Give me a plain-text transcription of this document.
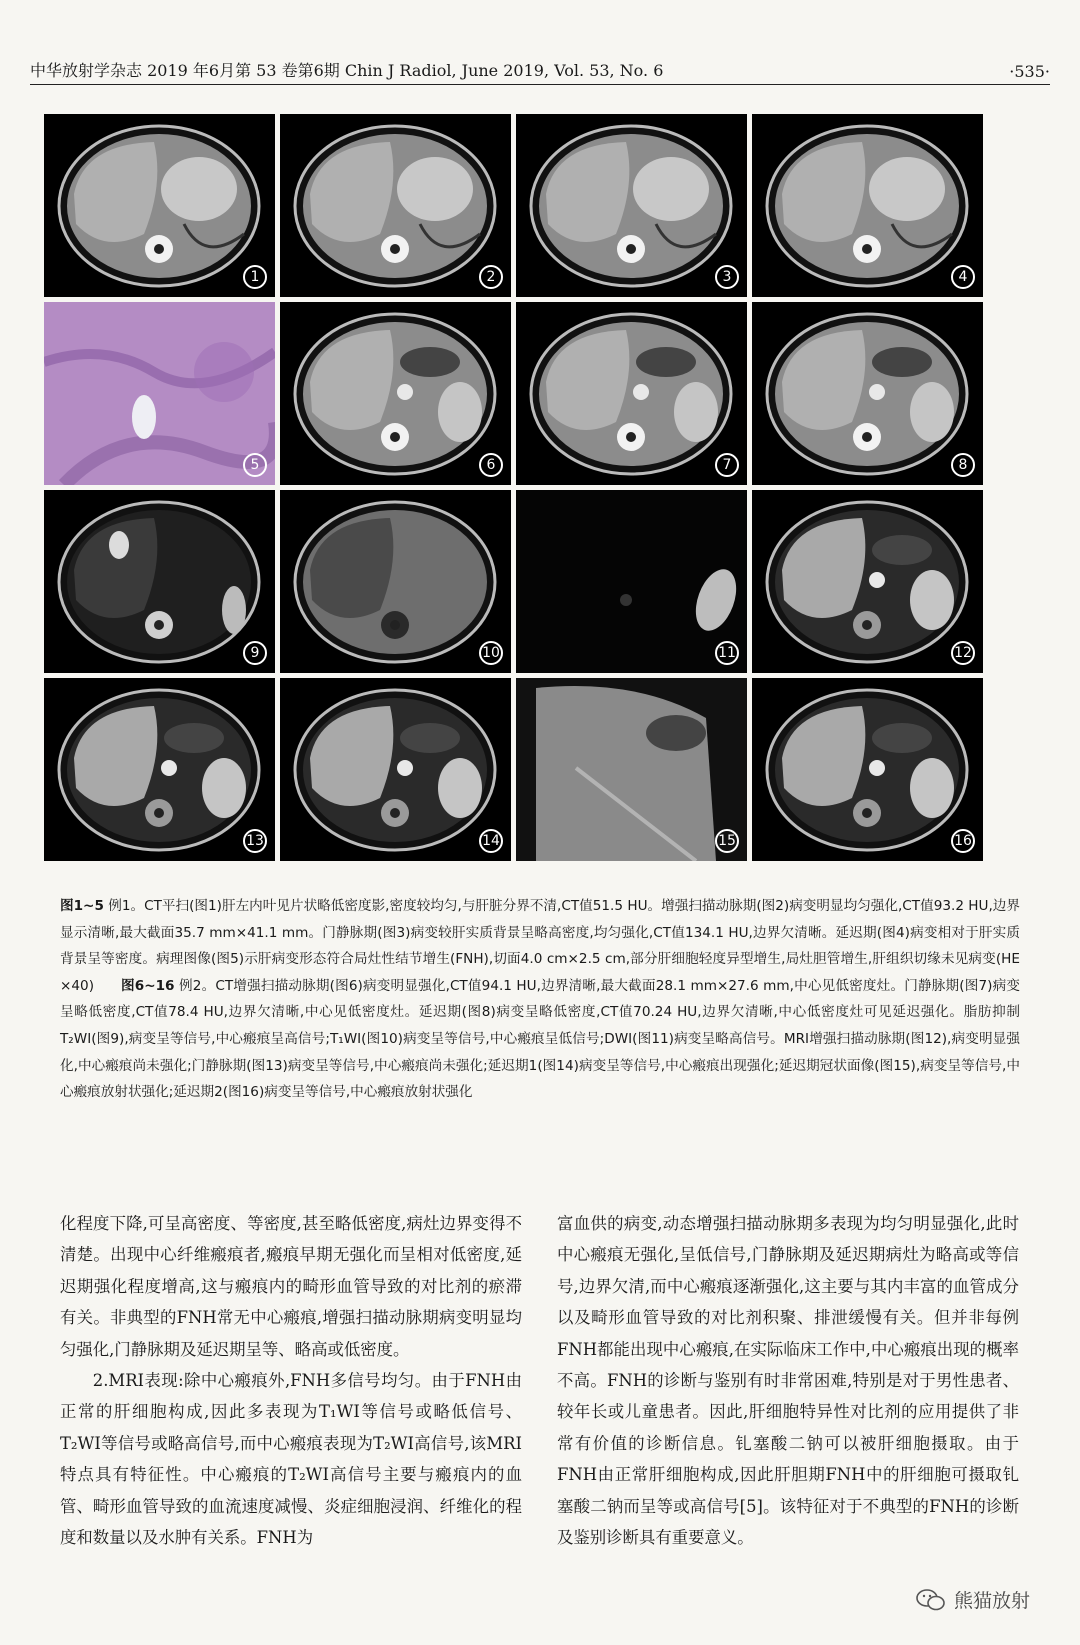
中华放射学杂志 2019 年6月第 53 卷第6期 Chin J Radiol, June 2019, Vol. 53, No. 6	·535·
1	2	3	4
5	6	7	8
9	10	11	12
13	14	15	16
图1~5 例1。CT平扫(图1)肝左内叶见片状略低密度影,密度较均匀,与肝脏分界不清,CT值51.5 HU。增强扫描动脉期(图2)病变明显均匀强化,CT值93.2 HU,边界显示清晰,最大截面35.7 mm×41.1 mm。门静脉期(图3)病变较肝实质背景呈略高密度,均匀强化,CT值134.1 HU,边界欠清晰。延迟期(图4)病变相对于肝实质背景呈等密度。病理图像(图5)示肝病变形态符合局灶性结节增生(FNH),切面4.0 cm×2.5 cm,部分肝细胞轻度异型增生,局灶胆管增生,肝组织切缘未见病变(HE ×40) 图6~16 例2。CT增强扫描动脉期(图6)病变明显强化,CT值94.1 HU,边界清晰,最大截面28.1 mm×27.6 mm,中心见低密度灶。门静脉期(图7)病变呈略低密度,CT值78.4 HU,边界欠清晰,中心见低密度灶。延迟期(图8)病变呈略低密度,CT值70.24 HU,边界欠清晰,中心低密度灶可见延迟强化。脂肪抑制T₂WI(图9),病变呈等信号,中心瘢痕呈高信号;T₁WI(图10)病变呈等信号,中心瘢痕呈低信号;DWI(图11)病变呈略高信号。MRI增强扫描动脉期(图12),病变明显强化,中心瘢痕尚未强化;门静脉期(图13)病变呈等信号,中心瘢痕尚未强化;延迟期1(图14)病变呈等信号,中心瘢痕出现强化;延迟期冠状面像(图15),病变呈等信号,中心瘢痕放射状强化;延迟期2(图16)病变呈等信号,中心瘢痕放射状强化

化程度下降,可呈高密度、等密度,甚至略低密度,病灶边界变得不清楚。出现中心纤维瘢痕者,瘢痕早期无强化而呈相对低密度,延迟期强化程度增高,这与瘢痕内的畸形血管导致的对比剂的瘀滞有关。非典型的FNH常无中心瘢痕,增强扫描动脉期病变明显均匀强化,门静脉期及延迟期呈等、略高或低密度。

2.MRI表现:除中心瘢痕外,FNH多信号均匀。由于FNH由正常的肝细胞构成,因此多表现为T₁WI等信号或略低信号、T₂WI等信号或略高信号,而中心瘢痕表现为T₂WI高信号,该MRI特点具有特征性。中心瘢痕的T₂WI高信号主要与瘢痕内的血管、畸形血管导致的血流速度减慢、炎症细胞浸润、纤维化的程度和数量以及水肿有关系。FNH为

富血供的病变,动态增强扫描动脉期多表现为均匀明显强化,此时中心瘢痕无强化,呈低信号,门静脉期及延迟期病灶为略高或等信号,边界欠清,而中心瘢痕逐渐强化,这主要与其内丰富的血管成分以及畸形血管导致的对比剂积聚、排泄缓慢有关。但并非每例FNH都能出现中心瘢痕,在实际临床工作中,中心瘢痕出现的概率不高。FNH的诊断与鉴别有时非常困难,特别是对于男性患者、较年长或儿童患者。因此,肝细胞特异性对比剂的应用提供了非常有价值的诊断信息。钆塞酸二钠可以被肝细胞摄取。由于FNH由正常肝细胞构成,因此肝胆期FNH中的肝细胞可摄取钆塞酸二钠而呈等或高信号[5]。该特征对于不典型的FNH的诊断及鉴别诊断具有重要意义。

熊猫放射
